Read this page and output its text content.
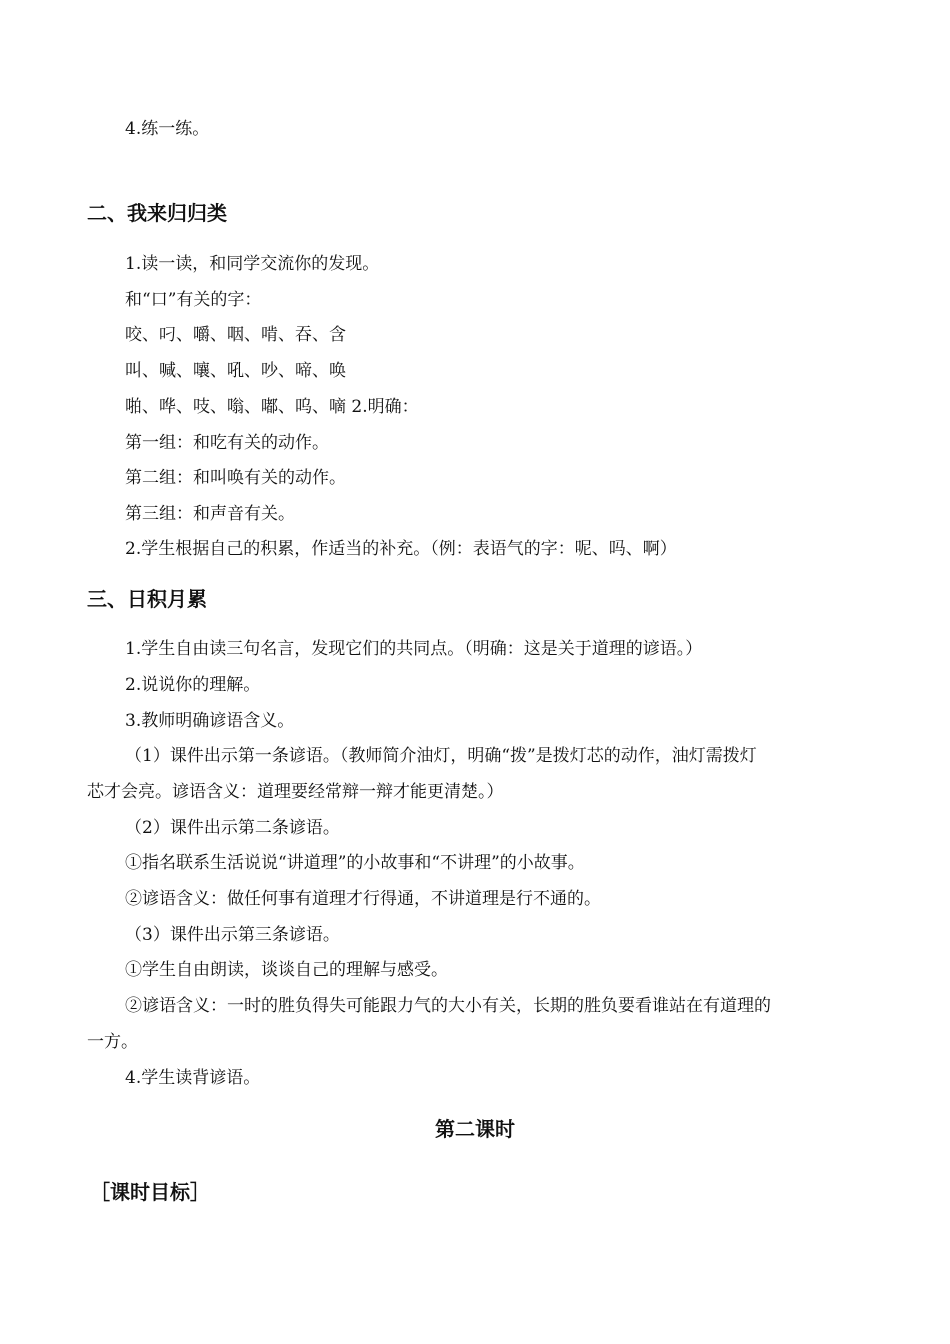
4.练一练。
二、我来归归类
1.读一读，和同学交流你的发现。
和“口”有关的字：
咬、叼、嚼、咽、啃、吞、含
叫、喊、嚷、吼、吵、啼、唤
啪、哗、吱、嗡、嘟、呜、嘀 2.明确：
第一组：和吃有关的动作。
第二组：和叫唤有关的动作。
第三组：和声音有关。
2.学生根据自己的积累，作适当的补充。（例：表语气的字：呢、吗、啊）
三、日积月累
1.学生自由读三句名言，发现它们的共同点。（明确：这是关于道理的谚语。）
2.说说你的理解。
3.教师明确谚语含义。
（1）课件出示第一条谚语。（教师简介油灯，明确“拨”是拨灯芯的动作，油灯需拨灯
芯才会亮。谚语含义：道理要经常辩一辩才能更清楚。）
（2）课件出示第二条谚语。
①指名联系生活说说“讲道理”的小故事和“不讲理”的小故事。
②谚语含义：做任何事有道理才行得通，不讲道理是行不通的。
（3）课件出示第三条谚语。
①学生自由朗读，谈谈自己的理解与感受。
②谚语含义：一时的胜负得失可能跟力气的大小有关，长期的胜负要看谁站在有道理的
一方。
4.学生读背谚语。
第二课时
［课时目标］
